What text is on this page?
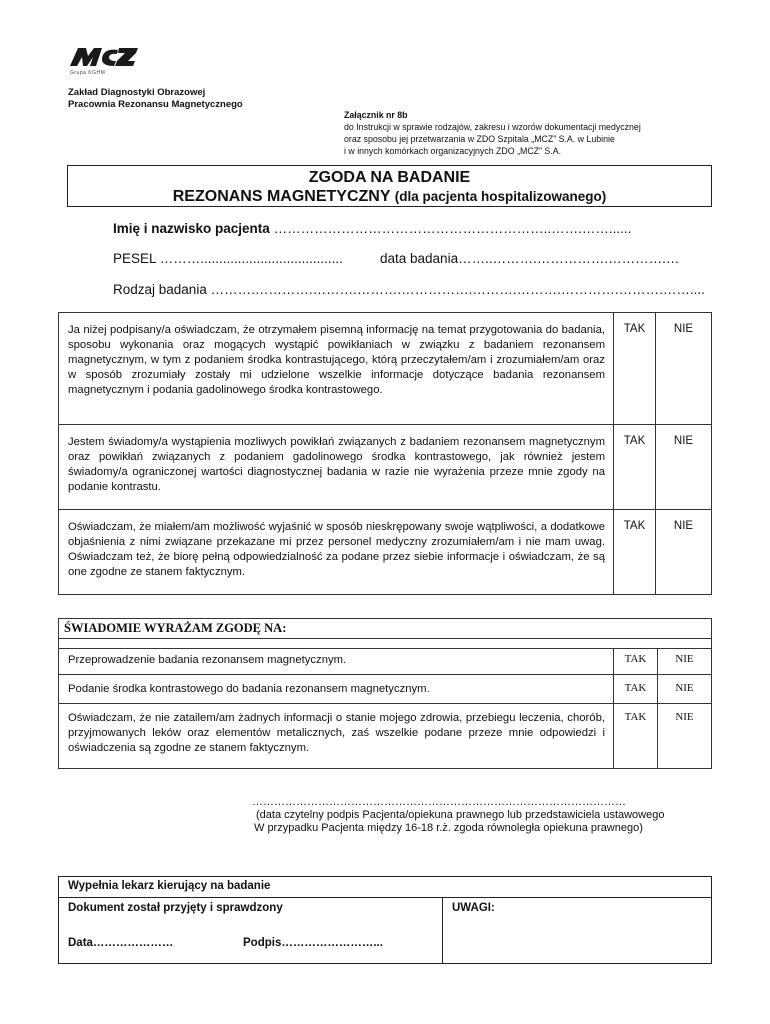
Grupa KGHM
Zakład Diagnostyki Obrazowej
Pracownia Rezonansu Magnetycznego
Załącznik nr 8b
do Instrukcji w sprawie rodzajów, zakresu i wzorów dokumentacji medycznej
oraz sposobu jej przetwarzania w ZDO Szpitala „MCZ” S.A. w Lubinie
i w innych komórkach organizacyjnych ZDO „MCZ” S.A.
ZGODA NA BADANIE
REZONANS MAGNETYCZNY (dla pacjenta hospitalizowanego)
Imię i nazwisko pacjenta ……………………………………………………..…….……......
PESEL ………......................................	data badania……..……….…………….………….…
Rodzaj badania ……….………….……….……….…………….……….……….………….……….……....
Ja niżej podpisany/a oświadczam, że otrzymałem pisemną informację na temat przygotowania do badania, sposobu wykonania oraz mogących wystąpić powikłaniach w związku z badaniem rezonansem magnetycznym, w tym z podaniem środka kontrastującego, którą przeczytałem/am i zrozumiałem/am oraz w sposób zrozumiały zostały mi udzielone wszelkie informacje dotyczące badania rezonansem magnetycznym i podania gadolinowego środka kontrastowego.	TAK	NIE
Jestem świadomy/a wystąpienia mozliwych powikłań związanych z badaniem rezonansem magnetycznym oraz powikłań związanych z podaniem gadolinowego środka kontrastowego, jak również jestem świadomy/a ograniczonej wartości diagnostycznej badania w razie nie wyrażenia przeze mnie zgody na podanie kontrastu.	TAK	NIE
Oświadczam, że miałem/am możliwość wyjaśnić w sposób nieskrępowany swoje wątpliwości, a dodatkowe objaśnienia z nimi związane przekazane mi przez personel medyczny zrozumiałem/am i nie mam uwag. Oświadczam też, że biorę pełną odpowiedzialność za podane przez siebie informacje i oświadczam, że są one zgodne ze stanem faktycznym.	TAK	NIE
ŚWIADOMIE WYRAŻAM ZGODĘ NA:		

Przeprowadzenie badania rezonansem magnetycznym.	TAK	NIE
Podanie środka kontrastowego do badania rezonansem magnetycznym.	TAK	NIE
Oświadczam, że nie zatailem/am żadnych informacji o stanie mojego zdrowia, przebiegu leczenia, chorób, przyjmowanych leków oraz elementów metalicznych, zaś wszelkie podane przeze mnie odpowiedzi i oświadczenia są zgodne ze stanem faktycznym.	TAK	NIE
…………………………………………………………………………………………
(data czytelny podpis Pacjenta/opiekuna prawnego lub przedstawiciela ustawowego
W przypadku Pacjenta między 16-18 r.ż. zgoda równoległa opiekuna prawnego)
Wypełnia lekarz kierujący na badanie
Dokument został przyjęty i sprawdzony	UWAGI:
Data…………………	Podpis……………………...
